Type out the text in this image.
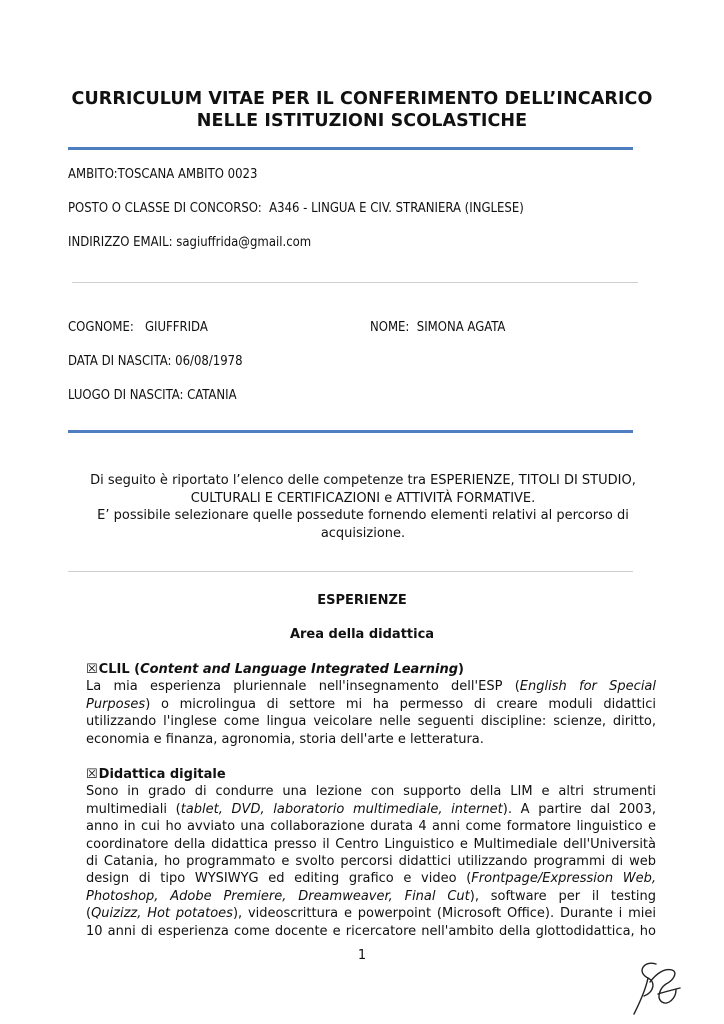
CURRICULUM VITAE PER IL CONFERIMENTO DELL’INCARICO
NELLE ISTITUZIONI SCOLASTICHE
AMBITO:TOSCANA AMBITO 0023
POSTO O CLASSE DI CONCORSO:  A346 - LINGUA E CIV. STRANIERA (INGLESE)
INDIRIZZO EMAIL: sagiuffrida@gmail.com
COGNOME:   GIUFFRIDA	NOME:  SIMONA AGATA
DATA DI NASCITA: 06/08/1978
LUOGO DI NASCITA: CATANIA
Di seguito è riportato l’elenco delle competenze tra ESPERIENZE, TITOLI DI STUDIO,
CULTURALI E CERTIFICAZIONI e ATTIVITÀ FORMATIVE.
E’ possibile selezionare quelle possedute fornendo elementi relativi al percorso di
acquisizione.
ESPERIENZE
Area della didattica
☒ CLIL ( Content and Language Integrated Learning )
La mia esperienza pluriennale nell'insegnamento dell'ESP (English for Special
Purposes) o microlingua di settore mi ha permesso di creare moduli didattici
utilizzando l'inglese come lingua veicolare nelle seguenti discipline: scienze, diritto,
economia e finanza, agronomia, storia dell'arte e letteratura.
☒ Didattica digitale
Sono in grado di condurre una lezione con supporto della LIM e altri strumenti
multimediali (tablet, DVD, laboratorio multimediale, internet). A partire dal 2003,
anno in cui ho avviato una collaborazione durata 4 anni come formatore linguistico e
coordinatore della didattica presso il Centro Linguistico e Multimediale dell'Università
di Catania, ho programmato e svolto percorsi didattici utilizzando programmi di web
design di tipo WYSIWYG ed editing grafico e video (Frontpage/Expression Web,
Photoshop, Adobe Premiere, Dreamweaver, Final Cut), software per il testing
(Quizizz, Hot potatoes), videoscrittura e powerpoint (Microsoft Office). Durante i miei
10 anni di esperienza come docente e ricercatore nell'ambito della glottodidattica, ho
1
